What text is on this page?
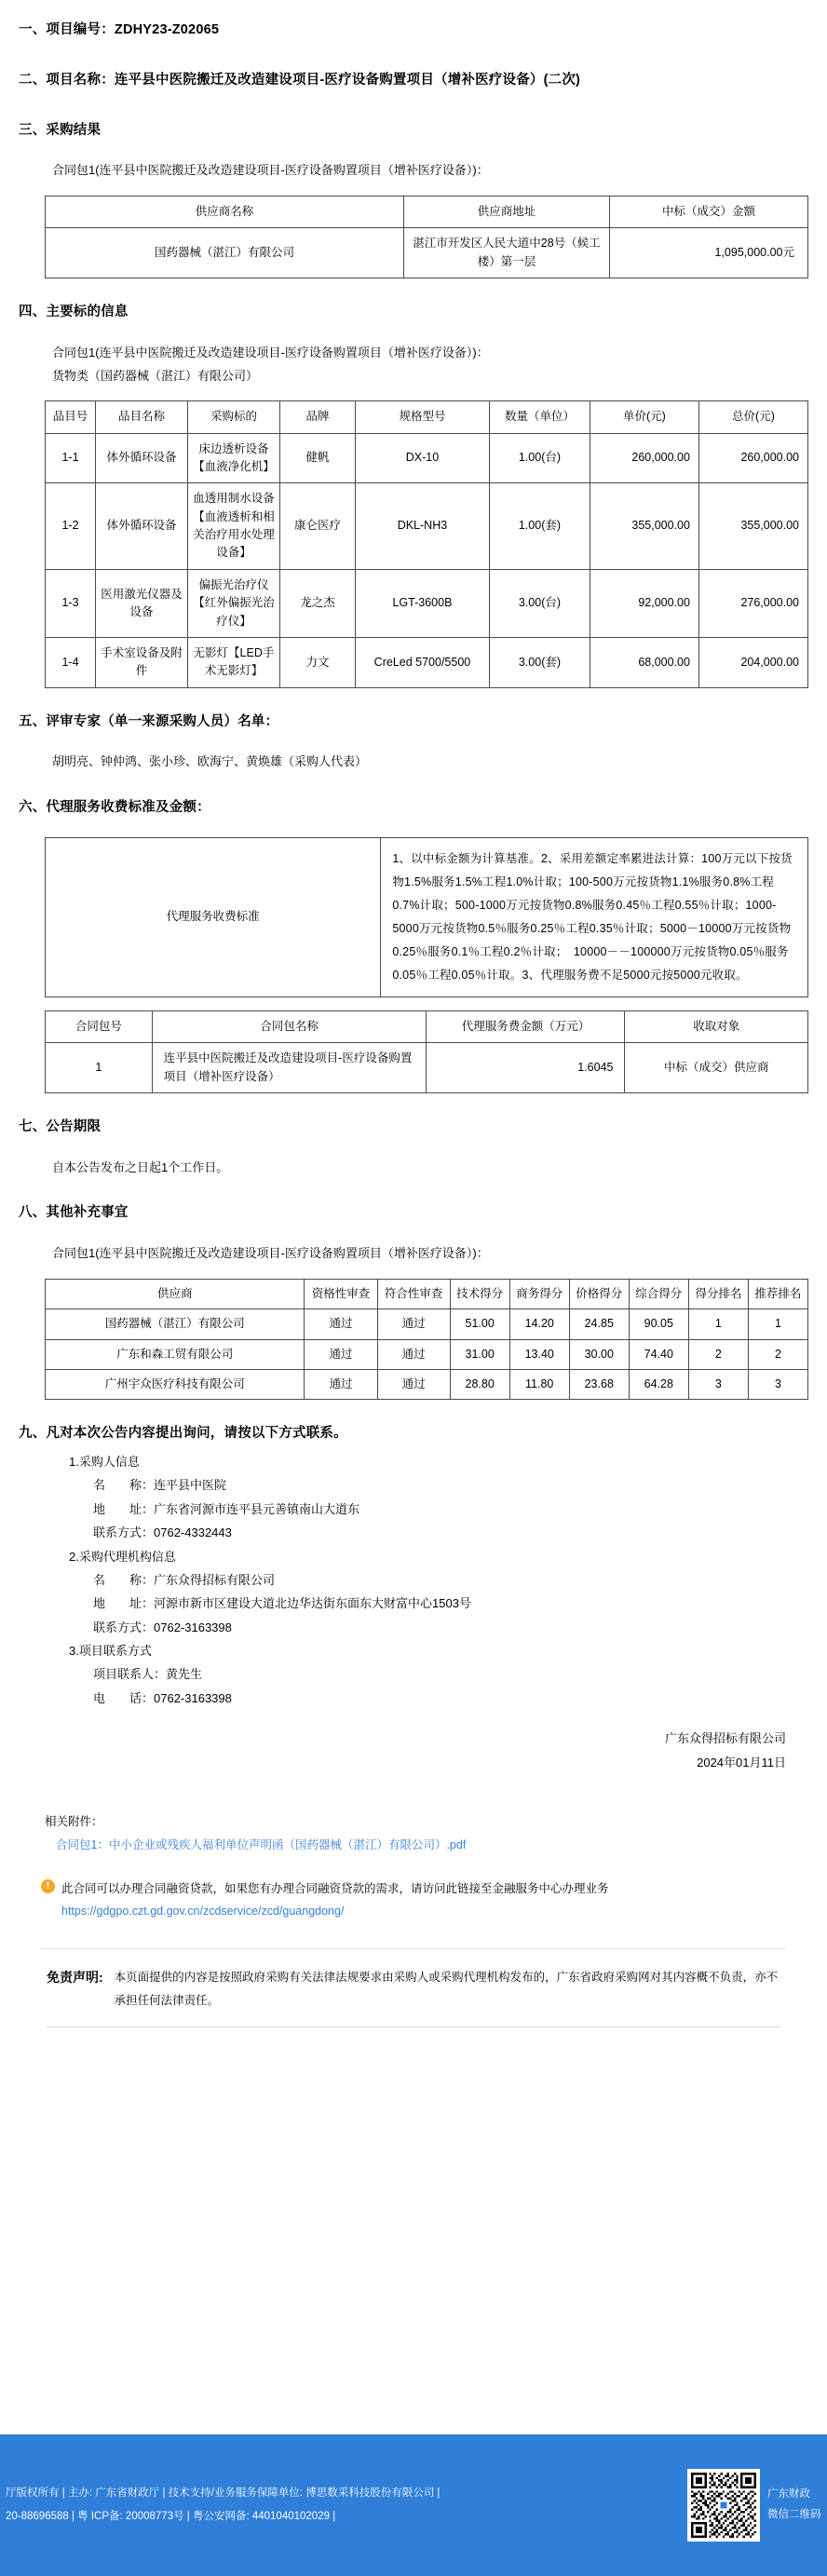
一、项目编号：ZDHY23-Z02065
二、项目名称：连平县中医院搬迁及改造建设项目-医疗设备购置项目（增补医疗设备）(二次)
三、采购结果
合同包1(连平县中医院搬迁及改造建设项目-医疗设备购置项目（增补医疗设备）)：
供应商名称	供应商地址	中标（成交）金额
国药器械（湛江）有限公司	湛江市开发区人民大道中28号（候工楼）第一层	1,095,000.00元
四、主要标的信息
合同包1(连平县中医院搬迁及改造建设项目-医疗设备购置项目（增补医疗设备）)：
货物类（国药器械（湛江）有限公司）
品目号	品目名称	采购标的	品牌	规格型号	数量（单位）	单价(元)	总价(元)
1-1	体外循环设备	床边透析设备【血液净化机】	健帆	DX-10	1.00(台)	260,000.00	260,000.00
1-2	体外循环设备	血透用制水设备【血液透析和相关治疗用水处理设备】	康仑医疗	DKL-NH3	1.00(套)	355,000.00	355,000.00
1-3	医用激光仪器及设备	偏振光治疗仪【红外偏振光治疗仪】	龙之杰	LGT-3600B	3.00(台)	92,000.00	276,000.00
1-4	手术室设备及附件	无影灯【LED手术无影灯】	力文	CreLed 5700/5500	3.00(套)	68,000.00	204,000.00
五、评审专家（单一来源采购人员）名单：
胡明亮、钟仲鸿、张小珍、欧海宁、黄焕雄（采购人代表）
六、代理服务收费标准及金额：
代理服务收费标准	1、以中标金额为计算基准。2、采用差额定率累进法计算：100万元以下按货物1.5%服务1.5%工程1.0%计取；100-500万元按货物1.1%服务0.8%工程0.7%计取；500-1000万元按货物0.8%服务0.45％工程0.55％计取；1000-5000万元按货物0.5％服务0.25％工程0.35％计取；5000－10000万元按货物0.25％服务0.1％工程0.2％计取；　10000－－100000万元按货物0.05％服务0.05％工程0.05％计取。3、代理服务费不足5000元按5000元收取。
合同包号	合同包名称	代理服务费金额（万元）	收取对象
1	连平县中医院搬迁及改造建设项目-医疗设备购置项目（增补医疗设备）	1.6045	中标（成交）供应商
七、公告期限
自本公告发布之日起1个工作日。
八、其他补充事宜
合同包1(连平县中医院搬迁及改造建设项目-医疗设备购置项目（增补医疗设备）)：
供应商	资格性审查	符合性审查	技术得分	商务得分	价格得分	综合得分	得分排名	推荐排名
国药器械（湛江）有限公司	通过	通过	51.00	14.20	24.85	90.05	1	1
广东和森工贸有限公司	通过	通过	31.00	13.40	30.00	74.40	2	2
广州宇众医疗科技有限公司	通过	通过	28.80	11.80	23.68	64.28	3	3
九、凡对本次公告内容提出询问，请按以下方式联系。
1.采购人信息
名　　称：连平县中医院
地　　址：广东省河源市连平县元善镇南山大道东
联系方式：0762-4332443
2.采购代理机构信息
名　　称：广东众得招标有限公司
地　　址：河源市新市区建设大道北边华达街东面东大财富中心1503号
联系方式：0762-3163398
3.项目联系方式
项目联系人：黄先生
电　　话：0762-3163398
广东众得招标有限公司
2024年01月11日
相关附件：
合同包1：中小企业或残疾人福利单位声明函（国药器械（湛江）有限公司）.pdf
!	此合同可以办理合同融资贷款，如果您有办理合同融资贷款的需求，请访问此链接至金融服务中心办理业务
https://gdgpo.czt.gd.gov.cn/zcdservice/zcd/guangdong/
免责声明: 本页面提供的内容是按照政府采购有关法律法规要求由采购人或采购代理机构发布的，广东省政府采购网对其内容概不负责，亦不承担任何法律责任。
厅版权所有 | 主办: 广东省财政厅 | 技术支持/业务服务保障单位: 博思数采科技股份有限公司 |
20-88696588 | 粤 ICP备: 20008773号 | 粤公安网备: 4401040102029 |
广东财政
微信二维码
